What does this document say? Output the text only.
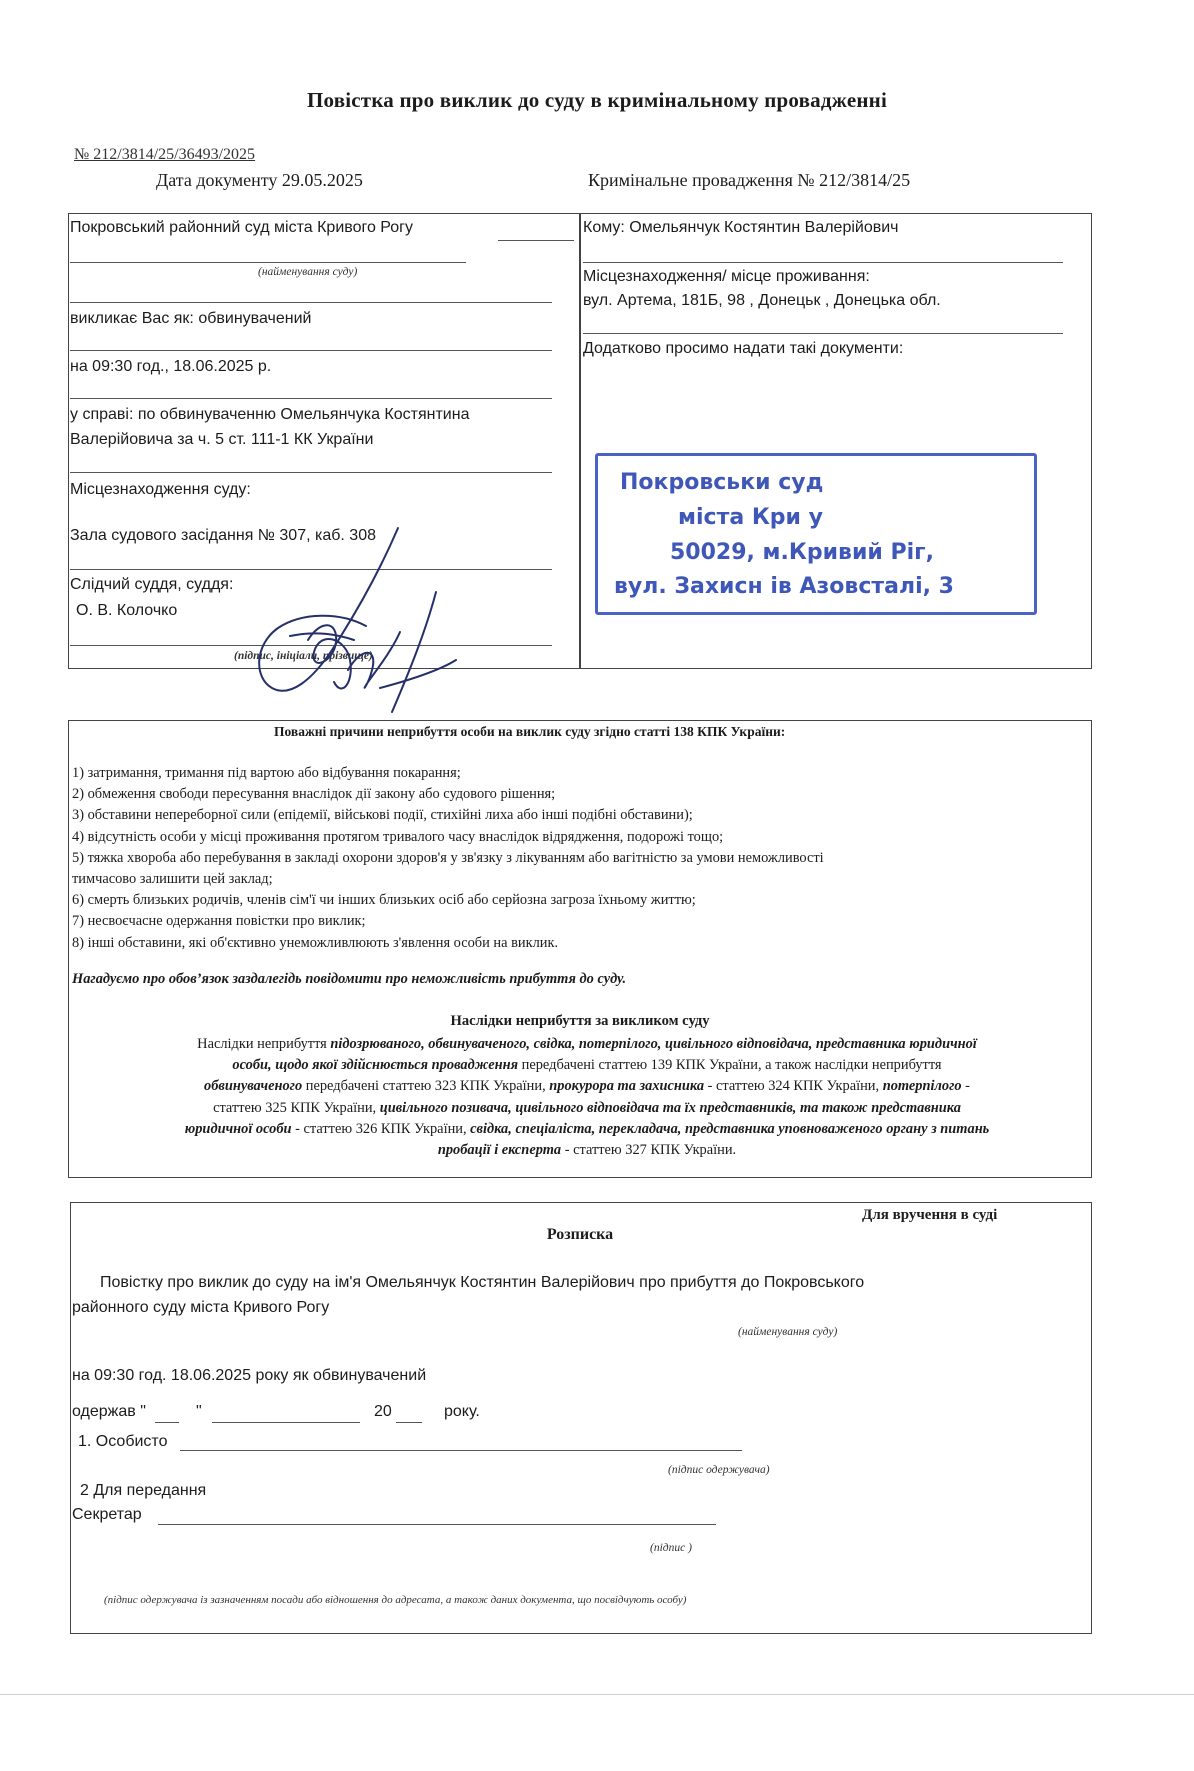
Повістка про виклик до суду в кримінальному провадженні
№ 212/3814/25/36493/2025
Дата документу 29.05.2025	Кримінальне провадження № 212/3814/25
Покровський районний суд міста Кривого Рогу
(найменування суду)
викликає Вас як: обвинувачений
на 09:30 год., 18.06.2025 р.
у справі: по обвинуваченню Омельянчука Костянтина
Валерійовича за ч. 5 ст. 111-1 КК України
Місцезнаходження суду:
Зала судового засідання № 307, каб. 308
Слідчий суддя, суддя:
О. В. Колочко
(підпис, ініціали, прізвище)
Кому: Омельянчук Костянтин Валерійович
Місцезнаходження/ місце проживання:
вул. Артема, 181Б, 98 , Донецьк , Донецька обл.
Додатково просимо надати такі документи:
Покровськи суд
міста Кри у
50029, м.Кривий Ріг,
вул. Захисн ів Азовсталі, 3
Поважні причини неприбуття особи на виклик суду згідно статті 138 КПК України:

1) затримання, тримання під вартою або відбування покарання;

2) обмеження свободи пересування внаслідок дії закону або судового рішення;

3) обставини непереборної сили (епідемії, військові події, стихійні лиха або інші подібні обставини);

4) відсутність особи у місці проживання протягом тривалого часу внаслідок відрядження, подорожі тощо;

5) тяжка хвороба або перебування в закладі охорони здоров'я у зв'язку з лікуванням або вагітністю за умови неможливості

тимчасово залишити цей заклад;

6) смерть близьких родичів, членів сім'ї чи інших близьких осіб або серйозна загроза їхньому життю;

7) несвоєчасне одержання повістки про виклик;

8) інші обставини, які об'єктивно унеможливлюють з'явлення особи на виклик.

Нагадуємо про обов’язок заздалегідь повідомити про неможливість прибуття до суду.
Наслідки неприбуття за викликом суду
Наслідки неприбуття підозрюваного, обвинуваченого, свідка, потерпілого, цивільного відповідача, представника юридичної
особи, щодо якої здійснюється провадження передбачені статтею 139 КПК України, а також наслідки неприбуття
обвинуваченого передбачені статтею 323 КПК України, прокурора та захисника - статтею 324 КПК України, потерпілого -
статтею 325 КПК України, цивільного позивача, цивільного відповідача та їх представників, та також представника
юридичної особи - статтею 326 КПК України, свідка, спеціаліста, перекладача, представника уповноваженого органу з питань
пробації і експерта - статтею 327 КПК України.
Для вручення в суді
Розписка
Повістку про виклик до суду на ім'я Омельянчук Костянтин Валерійович про прибуття до Покровського
районного суду міста Кривого Рогу
(найменування суду)
на 09:30 год. 18.06.2025 року як обвинувачений
одержав "	"	20	року.
1. Особисто
(підпис одержувача)
2 Для передання
Секретар
(підпис )
(підпис одержувача із зазначенням посади або відношення до адресата, а також даних документа, що посвідчують особу)
